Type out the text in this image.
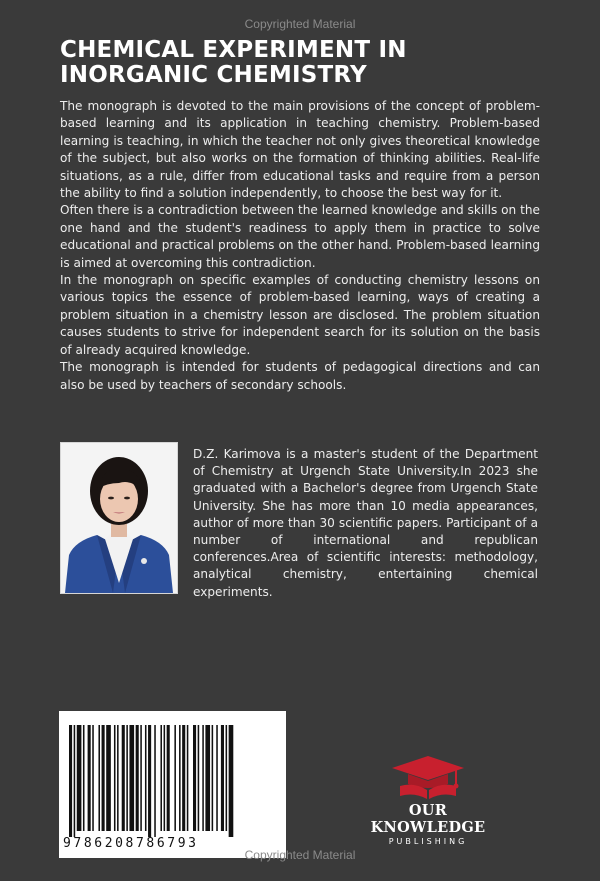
Copyrighted Material
CHEMICAL EXPERIMENT IN INORGANIC CHEMISTRY

The monograph is devoted to the main provisions of the concept of problem-based learning and its application in teaching chemistry. Problem-based learning is teaching, in which the teacher not only gives theoretical knowledge of the subject, but also works on the formation of thinking abilities. Real-life situations, as a rule, differ from educational tasks and require from a person the ability to find a solution independently, to choose the best way for it.

Often there is a contradiction between the learned knowledge and skills on the one hand and the student's readiness to apply them in practice to solve educational and practical problems on the other hand. Problem-based learning is aimed at overcoming this contradiction.

In the monograph on specific examples of conducting chemistry lessons on various topics the essence of problem-based learning, ways of creating a problem situation in a chemistry lesson are disclosed. The problem situation causes students to strive for independent search for its solution on the basis of already acquired knowledge.

The monograph is intended for students of pedagogical directions and can also be used by teachers of secondary schools.

D.Z. Karimova is a master's student of the Department of Chemistry at Urgench State University.In 2023 she graduated with a Bachelor's degree from Urgench State University. She has more than 10 media appearances, author of more than 30 scientific papers. Participant of a number of international and republican conferences.Area of scientific interests: methodology, analytical chemistry, entertaining chemical experiments.
9786208786793
OUR KNOWLEDGE
PUBLISHING
Copyrighted Material
